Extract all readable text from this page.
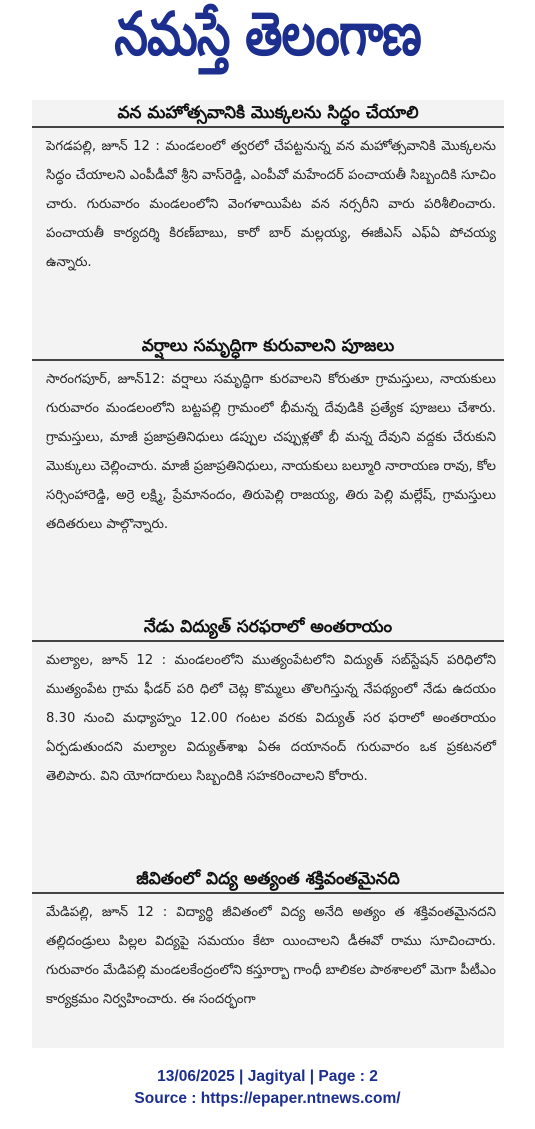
నమస్తే తెలంగాణ
వన మహోత్సవానికి మొక్కలను సిద్ధం చేయాలి

పెగడపల్లి, జూన్ 12 : మండలంలో త్వరలో చేపట్టనున్న వన మహోత్సవానికి మొక్కలను సిద్ధం చేయాలని ఎంపీడీవో శ్రీని వాస్‌రెడ్డి, ఎంపీవో మహేందర్ పంచాయతీ సిబ్బందికి సూచిం చారు. గురువారం మండలంలోని వెంగళాయిపేట వన నర్సరీని వారు పరిశీలించారు. పంచాయతీ కార్యదర్శి కిరణ్‌బాబు, కారో బార్ మల్లయ్య, ఈజీఎస్ ఎఫ్ఏ పోచయ్య ఉన్నారు.

వర్షాలు సమృద్ధిగా కురువాలని పూజలు

సారంగపూర్, జూన్12: వర్షాలు సమృద్ధిగా కురవాలని కోరుతూ గ్రామస్తులు, నాయకులు గురువారం మండలంలోని బట్టపల్లి గ్రామంలో భీమన్న దేవుడికి ప్రత్యేక పూజలు చేశారు. గ్రామస్తులు, మాజీ ప్రజాప్రతినిధులు డప్పుల చప్పుళ్లతో భీ మన్న దేవుని వద్దకు చేరుకుని మొక్కులు చెల్లించారు. మాజీ ప్రజాప్రతినిధులు, నాయకులు బల్మూరి నారాయణ రావు, కోల సర్సింహారెడ్డి, అర్రె లక్ష్మి, ప్రేమానందం, తిరుపెల్లి రాజయ్య, తిరు పెల్లి మల్లేష్, గ్రామస్తులు తదితరులు పాల్గొన్నారు.

నేడు విద్యుత్ సరఫరాలో అంతరాయం

మల్యాల, జూన్ 12 : మండలంలోని ముత్యంపేటలోని విద్యుత్ సబ్‌స్టేషన్ పరిధిలోని ముత్యంపేట గ్రామ ఫీడర్ పరి ధిలో చెట్ల కొమ్మలు తొలగిస్తున్న నేపథ్యంలో నేడు ఉదయం 8.30 నుంచి మధ్యాహ్నం 12.00 గంటల వరకు విద్యుత్ సర ఫరాలో అంతరాయం ఏర్పడుతుందని మల్యాల విద్యుత్‌శాఖ ఏఈ దయానంద్ గురువారం ఒక ప్రకటనలో తెలిపారు. విని యోగదారులు సిబ్బందికి సహకరించాలని కోరారు.

జీవితంలో విద్య అత్యంత శక్తివంతమైనది

మేడిపల్లి, జూన్ 12 : విద్యార్థి జీవితంలో విద్య అనేది అత్యం త శక్తివంతమైనదని తల్లిదండ్రులు పిల్లల విద్యపై సమయం కేటా యించాలని డీఈవో రాము సూచించారు. గురువారం మేడిపల్లి మండలకేంద్రంలోని కస్తూర్బా గాంధీ బాలికల పాఠశాలలో మెగా పీటీఎం కార్యక్రమం నిర్వహించారు. ఈ సందర్భంగా

13/06/2025 | Jagityal | Page : 2
Source : https://epaper.ntnews.com/
